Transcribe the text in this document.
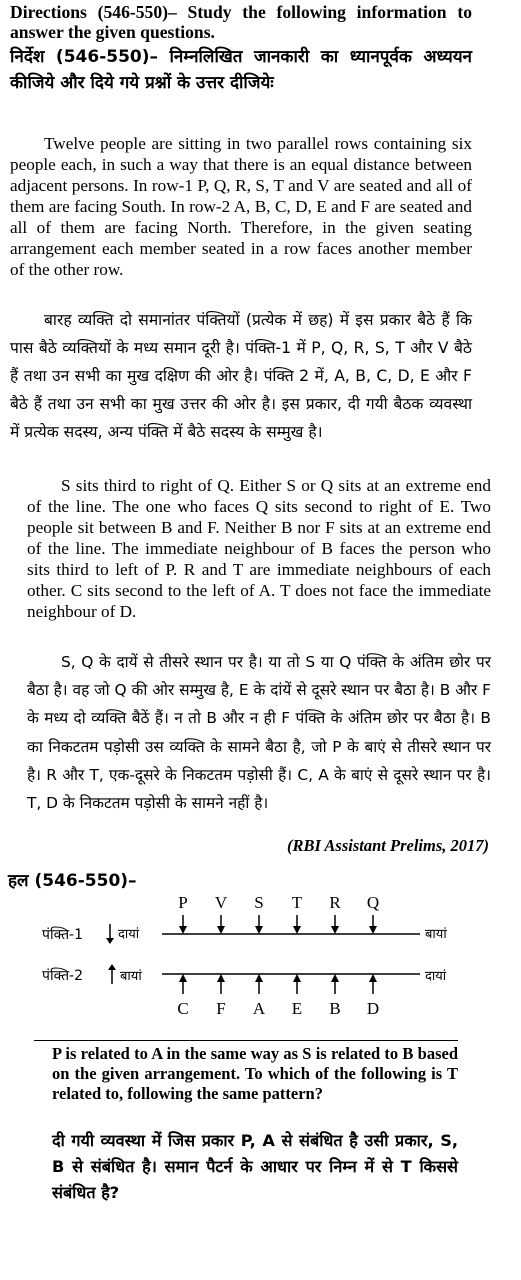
Directions (546-550)– Study the following information to answer the given questions.

निर्देश (546-550)– निम्नलिखित जानकारी का ध्यानपूर्वक अध्ययन कीजिये और दिये गये प्रश्नों के उत्तर दीजियेः

Twelve people are sitting in two parallel rows containing six people each, in such a way that there is an equal distance between adjacent persons. In row-1 P, Q, R, S, T and V are seated and all of them are facing South. In row-2 A, B, C, D, E and F are seated and all of them are facing North. Therefore, in the given seating arrangement each member seated in a row faces another member of the other row.

बारह व्यक्ति दो समानांतर पंक्तियों (प्रत्येक में छह) में इस प्रकार बैठे हैं कि पास बैठे व्यक्तियों के मध्य समान दूरी है। पंक्ति-1 में P, Q, R, S, T और V बैठे हैं तथा उन सभी का मुख दक्षिण की ओर है। पंक्ति 2 में, A, B, C, D, E और F बैठे हैं तथा उन सभी का मुख उत्तर की ओर है। इस प्रकार, दी गयी बैठक व्यवस्था में प्रत्येक सदस्य, अन्य पंक्ति में बैठे सदस्य के सम्मुख है।

S sits third to right of Q. Either S or Q sits at an extreme end of the line. The one who faces Q sits second to right of E. Two people sit between B and F. Neither B nor F sits at an extreme end of the line. The immediate neighbour of B faces the person who sits third to left of P. R and T are immediate neighbours of each other. C sits second to the left of A. T does not face the immediate neighbour of D.

S, Q के दायें से तीसरे स्थान पर है। या तो S या Q पंक्ति के अंतिम छोर पर बैठा है। वह जो Q की ओर सम्मुख है, E के दांयें से दूसरे स्थान पर बैठा है। B और F के मध्य दो व्यक्ति बैठें हैं। न तो B और न ही F पंक्ति के अंतिम छोर पर बैठा है। B का निकटतम पड़ोसी उस व्यक्ति के सामने बैठा है, जो P के बाएं से तीसरे स्थान पर है। R और T, एक-दूसरे के निकटतम पड़ोसी हैं। C, A के बाएं से दूसरे स्थान पर है। T, D के निकटतम पड़ोसी के सामने नहीं है।

(RBI Assistant Prelims, 2017)
हल (546-550)–
पंक्ति-1	दायां	बायां
पंक्ति-2	बायां	दायां
P V S T R Q
C F A E B D

P is related to A in the same way as S is related to B based on the given arrangement. To which of the following is T related to, following the same pattern?

दी गयी व्यवस्था में जिस प्रकार P, A से संबंधित है उसी प्रकार, S, B से संबंधित है। समान पैटर्न के आधार पर निम्न में से T किससे संबंधित है?
